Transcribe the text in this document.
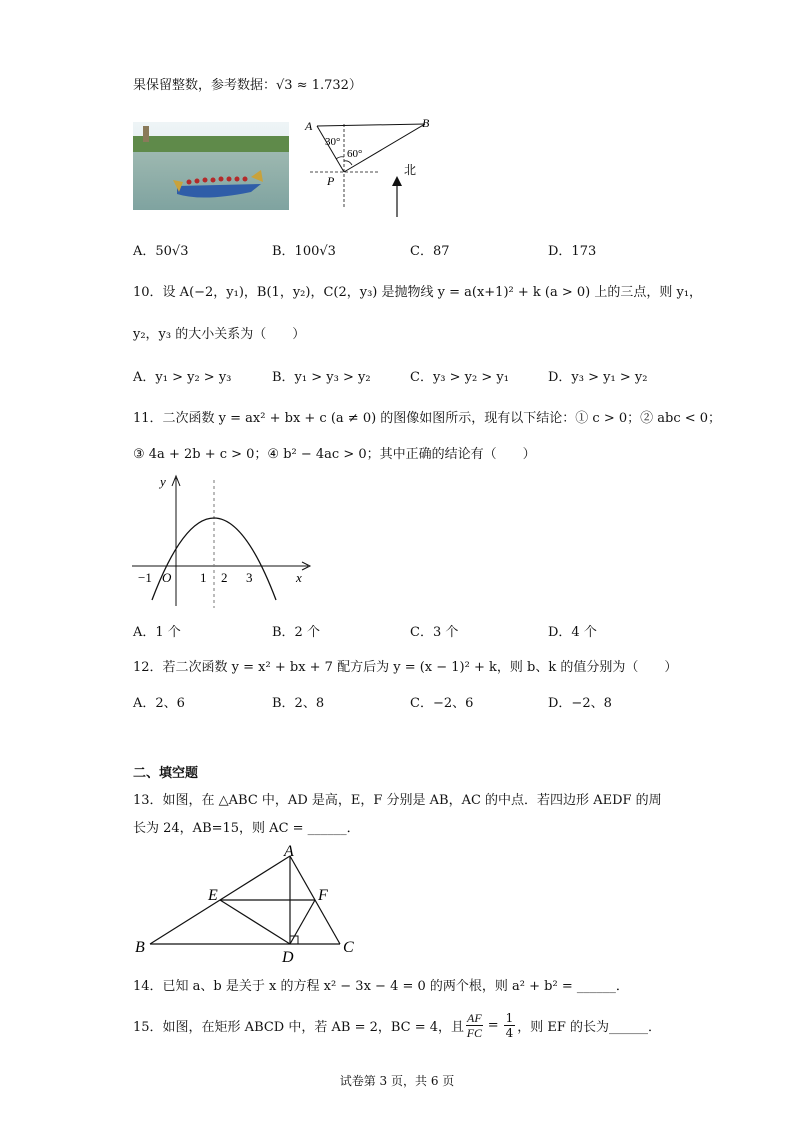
果保留整数，参考数据：√3 ≈ 1.732）
A	B
P
30°
60°
北
A．50√3	B．100√3	C．87	D．173
10．设 A(−2，y₁)，B(1，y₂)，C(2，y₃) 是抛物线 y = a(x+1)² + k (a > 0) 上的三点，则 y₁，
y₂，y₃ 的大小关系为（　　）
A．y₁ > y₂ > y₃	B．y₁ > y₃ > y₂	C．y₃ > y₂ > y₁	D．y₃ > y₁ > y₂
11．二次函数 y = ax² + bx + c (a ≠ 0) 的图像如图所示，现有以下结论：① c > 0；② abc < 0；
③ 4a + 2b + c > 0；④ b² − 4ac > 0；其中正确的结论有（　　）
y
x
−1 O 1 2 3
A．1 个	B．2 个	C．3 个	D．4 个
12．若二次函数 y = x² + bx + 7 配方后为 y = (x − 1)² + k，则 b、k 的值分别为（　　）
A．2、6	B．2、8	C．−2、6	D．−2、8
二、填空题
13．如图，在 △ABC 中，AD 是高，E，F 分别是 AB，AC 的中点．若四边形 AEDF 的周
长为 24，AB=15，则 AC = ______．
A
B	C
D
E	F
14．已知 a、b 是关于 x 的方程 x² − 3x − 4 = 0 的两个根，则 a² + b² = ______．
15．如图，在矩形 ABCD 中，若 AB = 2，BC = 4，且 $\frac{AF}{FC} = \frac{1}{4}$ ，则 EF 的长为______．
试卷第 3 页，共 6 页
